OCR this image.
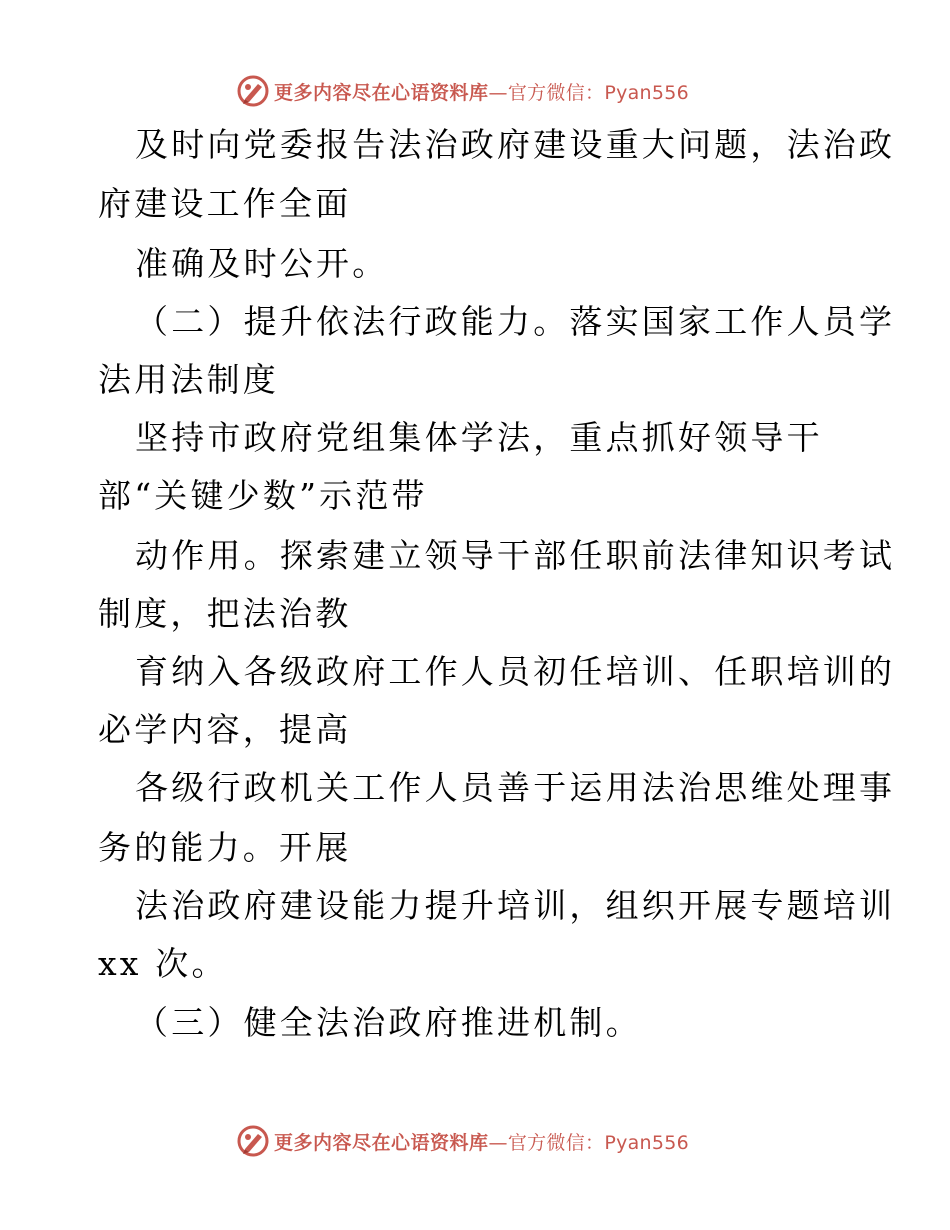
更多内容尽在心语资料库 —官方微信：Pyan556
及时向党委报告法治政府建设重大问题，法治政
府建设工作全面
准确及时公开。
（二）提升依法行政能力。落实国家工作人员学
法用法制度
坚持市政府党组集体学法，重点抓好领导干
部“关键少数”示范带
动作用。探索建立领导干部任职前法律知识考试
制度，把法治教
育纳入各级政府工作人员初任培训、任职培训的
必学内容，提高
各级行政机关工作人员善于运用法治思维处理事
务的能力。开展
法治政府建设能力提升培训，组织开展专题培训
xx 次。
（三）健全法治政府推进机制。
更多内容尽在心语资料库 —官方微信：Pyan556
